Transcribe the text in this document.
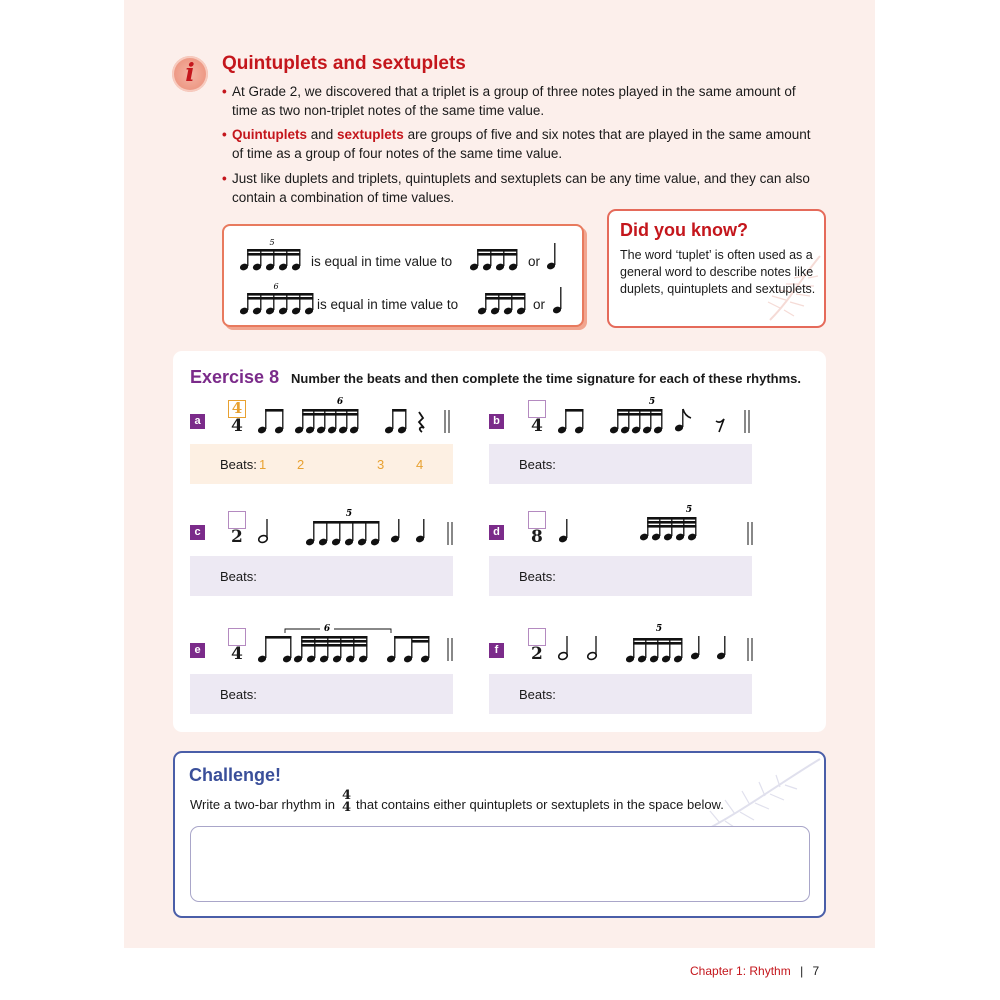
i	Quintuplets and sextuplets
• At Grade 2, we discovered that a triplet is a group of three notes played in the same amount of time as two non-triplet notes of the same time value.
• Quintuplets and sextuplets are groups of five and six notes that are played in the same amount of time as a group of four notes of the same time value.
• Just like duplets and triplets, quintuplets and sextuplets can be any time value, and they can also contain a combination of time values.
5
is equal in time value to	or
6
is equal in time value to	or
Did you know?
The word ‘tuplet’ is often used as a general word to describe notes like duplets, quintuplets and sextuplets.
Exercise 8 Number the beats and then complete the time signature for each of these rhythms.
a
4
4
6
Beats: 1 2	3 4
b 4
5
Beats:
c 2
5
Beats:
d 8
5
Beats:
e 4
6
Beats:
f	2
5
Beats:
Challenge!
Write a two-bar rhythm in
4
4 that contains either quintuplets or sextuplets in the space below.
Chapter 1: Rhythm | 7
